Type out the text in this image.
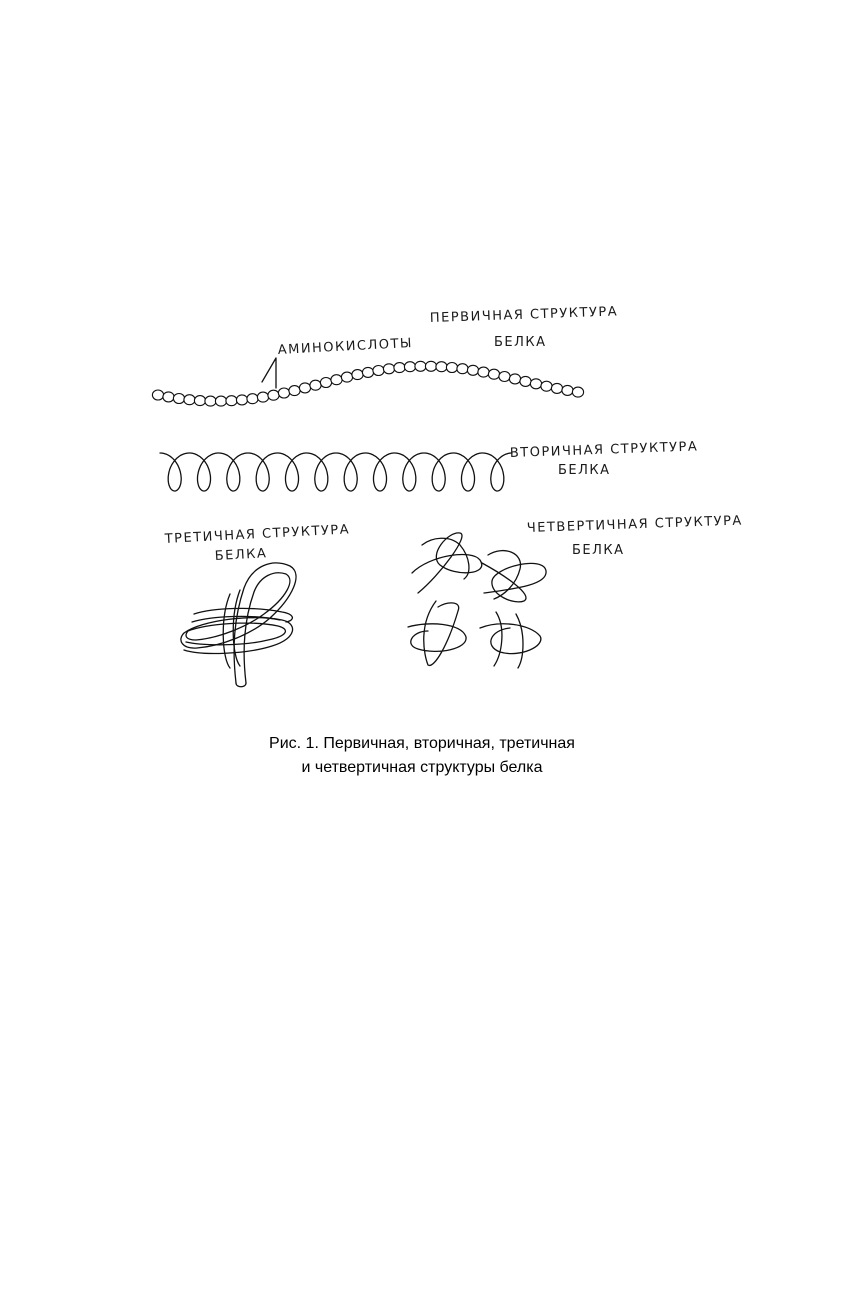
ПЕРВИЧНАЯ СТРУКТУРА
БЕЛКА
АМИНОКИСЛОТЫ
ВТОРИЧНАЯ СТРУКТУРА
БЕЛКА
ТРЕТИЧНАЯ СТРУКТУРА
БЕЛКА
ЧЕТВЕРТИЧНАЯ СТРУКТУРА
БЕЛКА
Рис. 1. Первичная, вторичная, третичная
и четвертичная структуры белка
